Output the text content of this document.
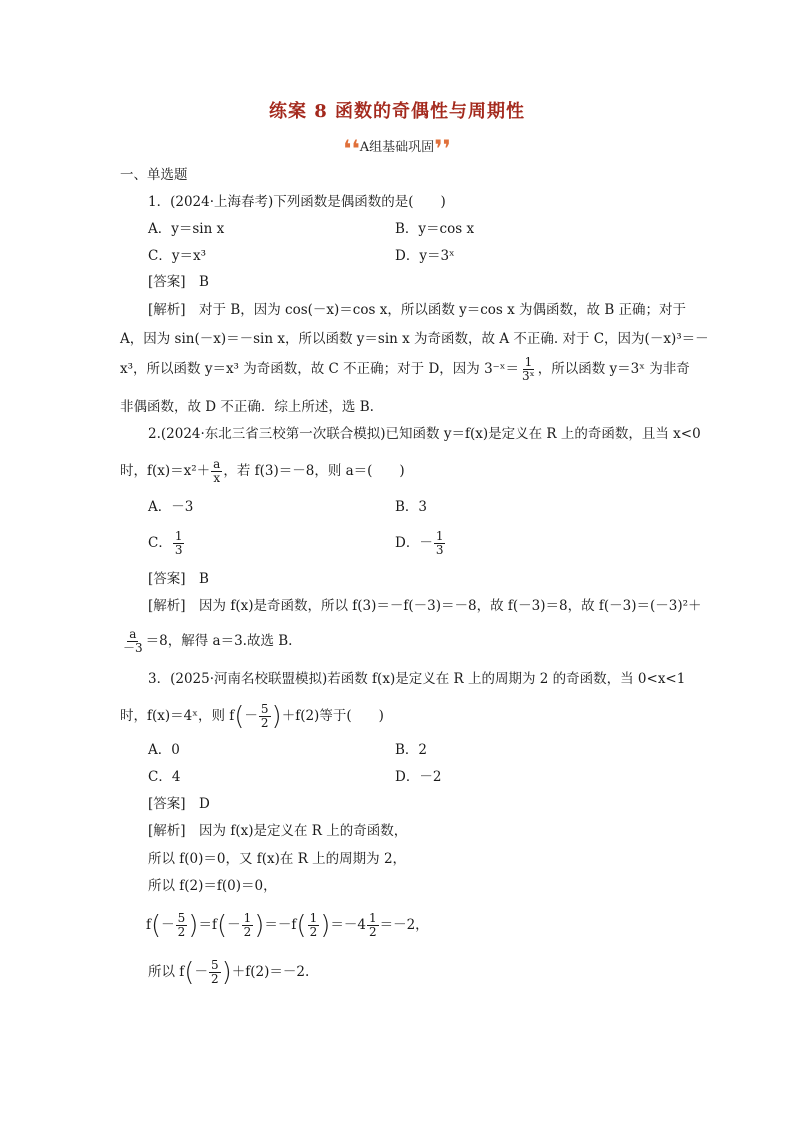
练案 8 函数的奇偶性与周期性
❛❛A组基础巩固❜❜
一、单选题
1．(2024·上海春考)下列函数是偶函数的是(　　)
A．y＝sin x	B．y＝cos x
C．y＝x³	D．y＝3ˣ
[答案]　B
[解析]　对于 B，因为 cos(－x)＝cos x，所以函数 y＝cos x 为偶函数，故 B 正确；对于
A，因为 sin(－x)＝－sin x，所以函数 y＝sin x 为奇函数，故 A 不正确. 对于 C，因为(－x)³＝－
x³，所以函数 y＝x³ 为奇函数，故 C 不正确；对于 D，因为 3⁻ˣ＝ $\frac{1}{\text{3ˣ}}$ ，所以函数 y＝3ˣ 为非奇
非偶函数，故 D 不正确．综上所述，选 B.
2.(2024·东北三省三校第一次联合模拟)已知函数 y＝f(x)是定义在 R 上的奇函数，且当 x<0
时，$f(x)=x^2+ \frac{a}{x}$ ，若 f(3)＝－8，则 a＝(　　)
A．－3	B．3
C． $\frac{1}{3}$	D．－ $\frac{1}{3}$
[答案]　B
[解析]　因为 f(x)是奇函数，所以 f(3)＝－f(－3)＝－8，故 f(－3)＝8，故 f(－3)＝(－3)²＋
$\frac{a}{-3} =8$，解得 a＝3.故选 B.
3．(2025·河南名校联盟模拟)若函数 f(x)是定义在 R 上的周期为 2 的奇函数，当 0<x<1
时，f(x)＝4ˣ，则 $f(- \frac{5}{2} )+f(2)$等于(　　)
A．0	B．2
C．4	D．－2
[答案]　D
[解析]　因为 f(x)是定义在 R 上的奇函数，
所以 f(0)＝0，又 f(x)在 R 上的周期为 2，
所以 f(2)＝f(0)＝0，
$f(- \frac{5}{2} )=f(- \frac{1}{2} )=-f( \frac{1}{2} )=-4 \frac{1}{2} =-2$，
所以 $f(- \frac{5}{2} )+f(2)=-2$.
